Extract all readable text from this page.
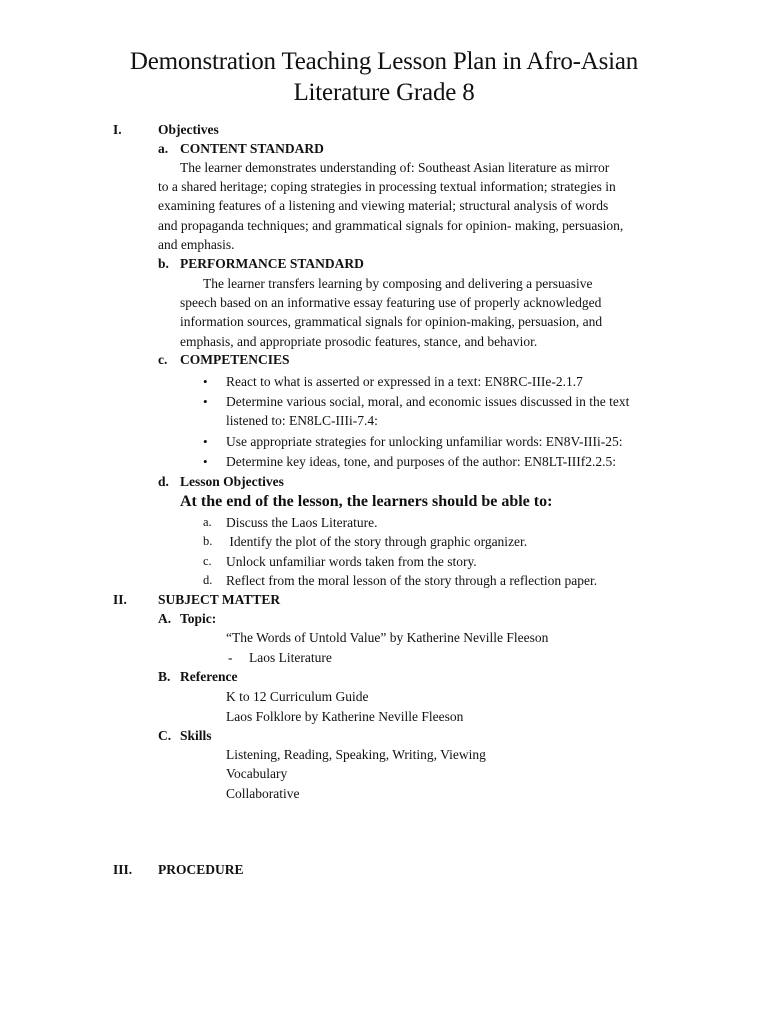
Demonstration Teaching Lesson Plan in Afro-Asian
Literature Grade 8
I.	Objectives
a. CONTENT STANDARD
The learner demonstrates understanding of: Southeast Asian literature as mirror
to a shared heritage; coping strategies in processing textual information; strategies in
examining features of a listening and viewing material; structural analysis of words
and propaganda techniques; and grammatical signals for opinion- making, persuasion,
and emphasis.
b. PERFORMANCE STANDARD
The learner transfers learning by composing and delivering a persuasive
speech based on an informative essay featuring use of properly acknowledged
information sources, grammatical signals for opinion-making, persuasion, and
emphasis, and appropriate prosodic features, stance, and behavior.
c. COMPETENCIES
• React to what is asserted or expressed in a text: EN8RC-IIIe-2.1.7
• Determine various social, moral, and economic issues discussed in the text
listened to: EN8LC-IIIi-7.4:
• Use appropriate strategies for unlocking unfamiliar words: EN8V-IIIi-25:
• Determine key ideas, tone, and purposes of the author: EN8LT-IIIf2.2.5:
d. Lesson Objectives
At the end of the lesson, the learners should be able to:
a. Discuss the Laos Literature.
b. Identify the plot of the story through graphic organizer.
c. Unlock unfamiliar words taken from the story.
d. Reflect from the moral lesson of the story through a reflection paper.
II. SUBJECT MATTER
A. Topic:
“The Words of Untold Value” by Katherine Neville Fleeson
- Laos Literature
B. Reference
K to 12 Curriculum Guide
Laos Folklore by Katherine Neville Fleeson
C. Skills
Listening, Reading, Speaking, Writing, Viewing
Vocabulary
Collaborative
III. PROCEDURE
